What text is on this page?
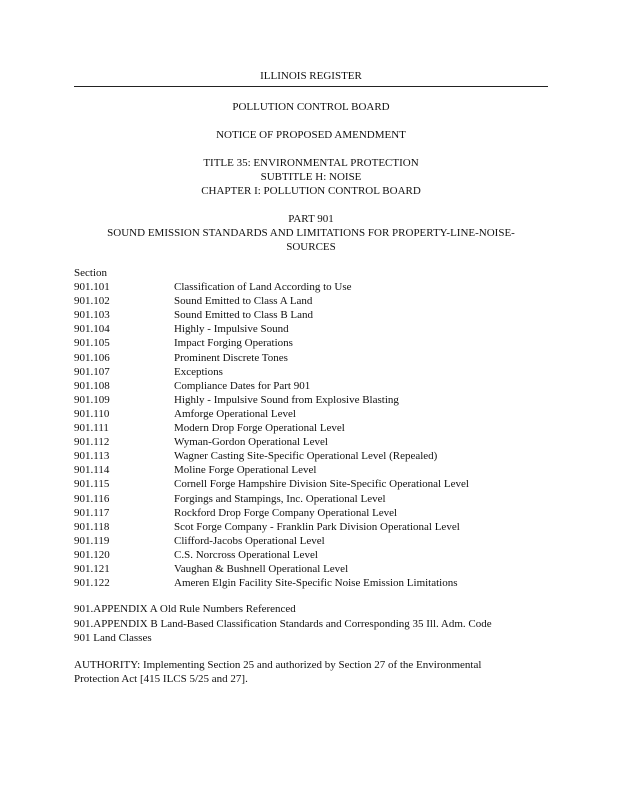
ILLINOIS REGISTER
POLLUTION CONTROL BOARD
NOTICE OF PROPOSED AMENDMENT
TITLE 35: ENVIRONMENTAL PROTECTION
SUBTITLE H: NOISE
CHAPTER I: POLLUTION CONTROL BOARD
PART 901
SOUND EMISSION STANDARDS AND LIMITATIONS FOR PROPERTY-LINE-NOISE-
SOURCES
Section
901.101	Classification of Land According to Use
901.102	Sound Emitted to Class A Land
901.103	Sound Emitted to Class B Land
901.104	Highly - Impulsive Sound
901.105	Impact Forging Operations
901.106	Prominent Discrete Tones
901.107	Exceptions
901.108	Compliance Dates for Part 901
901.109	Highly - Impulsive Sound from Explosive Blasting
901.110	Amforge Operational Level
901.111	Modern Drop Forge Operational Level
901.112	Wyman-Gordon Operational Level
901.113	Wagner Casting Site-Specific Operational Level (Repealed)
901.114	Moline Forge Operational Level
901.115	Cornell Forge Hampshire Division Site-Specific Operational Level
901.116	Forgings and Stampings, Inc. Operational Level
901.117	Rockford Drop Forge Company Operational Level
901.118	Scot Forge Company - Franklin Park Division Operational Level
901.119	Clifford-Jacobs Operational Level
901.120	C.S. Norcross Operational Level
901.121	Vaughan & Bushnell Operational Level
901.122	Ameren Elgin Facility Site-Specific Noise Emission Limitations
901.APPENDIX A Old Rule Numbers Referenced
901.APPENDIX B Land-Based Classification Standards and Corresponding 35 Ill. Adm. Code
901 Land Classes
AUTHORITY: Implementing Section 25 and authorized by Section 27 of the Environmental
Protection Act [415 ILCS 5/25 and 27].
